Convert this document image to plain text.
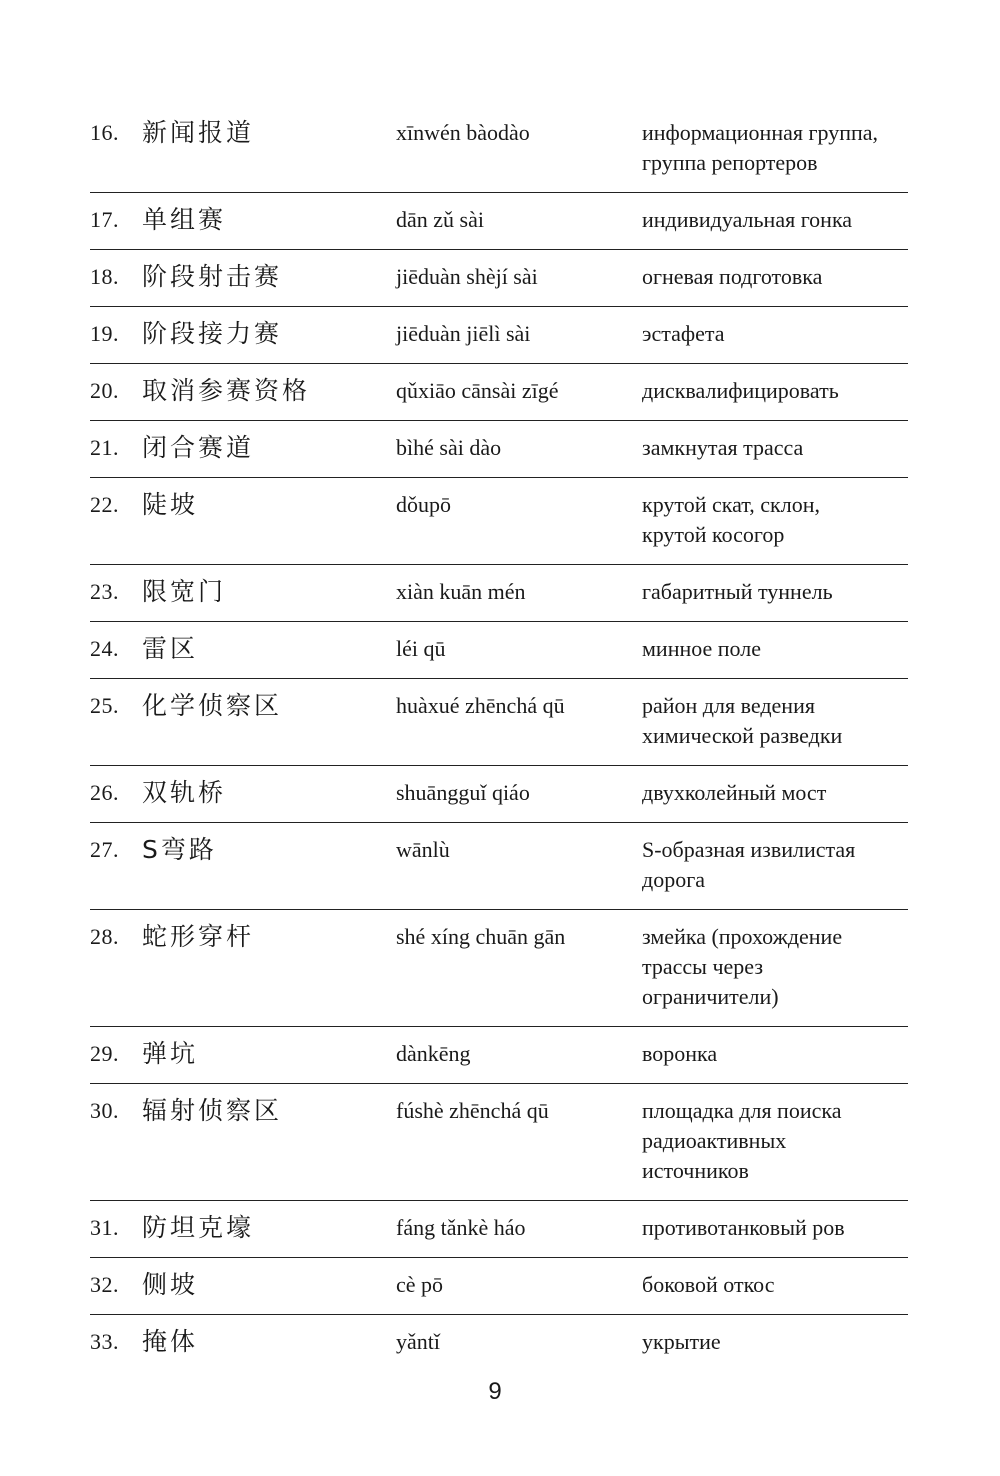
16. 新闻报道	xīnwén bàodào	информационная группа,
группа репортеров
17. 单组赛	dān zǔ sài	индивидуальная гонка
18. 阶段射击赛	jiēduàn shèjí sài	огневая подготовка
19. 阶段接力赛	jiēduàn jiēlì sài	эстафета
20. 取消参赛资格	qǔxiāo cānsài zīgé	дисквалифицировать
21. 闭合赛道	bìhé sài dào	замкнутая трасса
22. 陡坡	dǒupō	крутой скат, склон,
крутой косогор
23. 限宽门	xiàn kuān mén	габаритный туннель
24. 雷区	léi qū	минное поле
25. 化学侦察区	huàxué zhēnchá qū	район для ведения
химической разведки
26. 双轨桥	shuāngguǐ qiáo	двухколейный мост
27. S弯路	wānlù	S-образная извилистая
дорога
28. 蛇形穿杆	shé xíng chuān gān	змейка (прохождение
трассы через
ограничители)
29. 弹坑	dànkēng	воронка
30. 辐射侦察区	fúshè zhēnchá qū	площадка для поиска
радиоактивных
источников
31. 防坦克壕	fáng tǎnkè háo	противотанковый ров
32. 侧坡	cè pō	боковой откос
33. 掩体	yǎntǐ	укрытие
9
